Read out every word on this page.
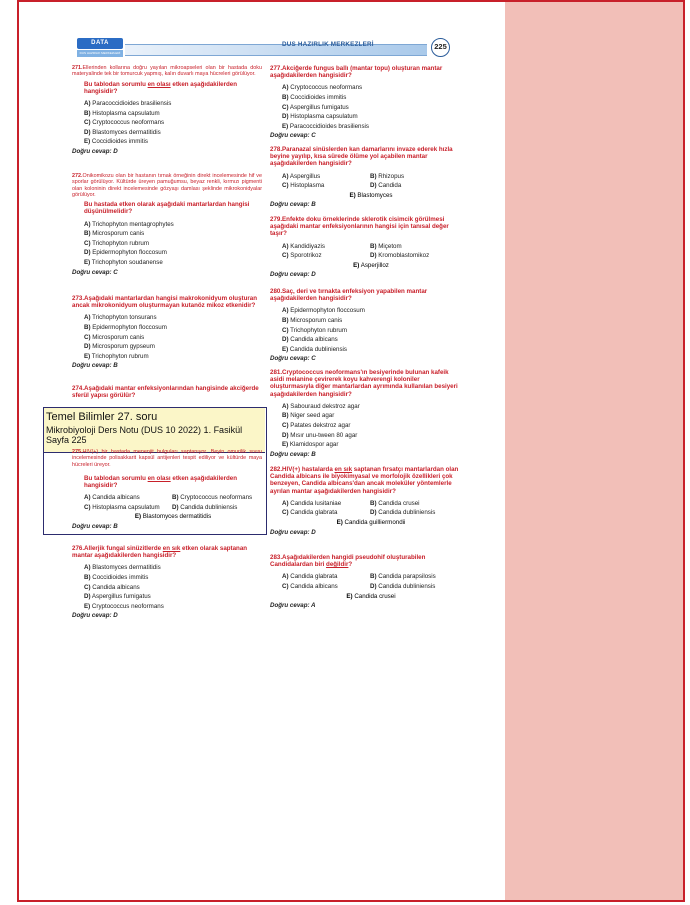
DATA
DUS HAZIRLIK MERKEZLERİ
DUS HAZIRLIK MERKEZLERİ	225
271.Ellerinden kollarına doğru yayılan mikroapseleri olan bir hastada doku materyalinde tek bir tomurcuk yapmış, kalın duvarlı maya hücreleri görülüyor.
Bu tablodan sorumlu en olası etken aşağıdakilerden hangisidir?
A) Paracoccidioides brasiliensis
B) Histoplasma capsulatum
C) Cryptococcus neoformans
D) Blastomyces dermatitidis
E) Coccidioides immitis
Doğru cevap: D
272.Onikomikozu olan bir hastanın tırnak örneğinin direkt incelemesinde hif ve sporlar görülüyor. Kültürde üreyen pamuğumsu, beyaz renkli, kırmızı pigmenti olan koloninin direkt incelemesinde gözyaşı damlası şeklinde mikrokonidyalar görülüyor.
Bu hastada etken olarak aşağıdaki mantarlardan hangisi düşünülmelidir?
A) Trichophyton mentagrophytes
B) Microsporum canis
C) Trichophyton rubrum
D) Epidermophyton floccosum
E) Trichophyton soudanense
Doğru cevap: C
273.Aşağıdaki mantarlardan hangisi makrokonidyum oluşturan ancak mikrokonidyum oluşturmayan kutanöz mikoz etkenidir?
A) Trichophyton tonsurans
B) Epidermophyton floccosum
C) Microsporum canis
D) Microsporum gypseum
E) Trichophyton rubrum
Doğru cevap: B
274.Aşağıdaki mantar enfeksiyonlarından hangisinde akciğerde sferül yapısı görülür?
Temel Bilimler 27. soru
Mikrobiyoloji Ders Notu (DUS 10 2022) 1. Fasikül Sayfa 225
275.HIV(+) bir hastada menenjit bulguları saptanıyor. Beyin omurilik sıvısı incelemesinde polisakkarit kapsül antijenleri tespit ediliyor ve kültürde maya hücreleri üreyor.
Bu tablodan sorumlu en olası etken aşağıdakilerden hangisidir?
A) Candida albicans	B) Cryptococcus neoformans
C) Histoplasma capsulatum	D) Candida dubliniensis
E) Blastomyces dermatitidis
Doğru cevap: B
276.Allerjik fungal sinüzitlerde en sık etken olarak saptanan mantar aşağıdakilerden hangisidir?
A) Blastomyces dermatitidis
B) Coccidioides immitis
C) Candida albicans
D) Aspergillus fumigatus
E) Cryptococcus neoformans
Doğru cevap: D
277.Akciğerde fungus ballı (mantar topu) oluşturan mantar aşağıdakilerden hangisidir?
A) Cryptococcus neoformans
B) Coccidioides immitis
C) Aspergillus fumigatus
D) Histoplasma capsulatum
E) Paracoccidioides brasiliensis
Doğru cevap: C
278.Paranazal sinüslerden kan damarlarını invaze ederek hızla beyine yayılıp, kısa sürede ölüme yol açabilen mantar aşağıdakilerden hangisidir?
A) Aspergillus	B) Rhizopus
C) Histoplasma	D) Candida
E) Blastomyces
Doğru cevap: B
279.Enfekte doku örneklerinde sklerotik cisimcik görülmesi aşağıdaki mantar enfeksiyonlarının hangisi için tanısal değer taşır?
A) Kandidiyazis	B) Miçetom
C) Sporotrikoz	D) Kromoblastomikoz
E) Asperjilloz
Doğru cevap: D
280.Saç, deri ve tırnakta enfeksiyon yapabilen mantar aşağıdakilerden hangisidir?
A) Epidermophyton floccosum
B) Microsporum canis
C) Trichophyton rubrum
D) Candida albicans
E) Candida dubliniensis
Doğru cevap: C
281.Cryptococcus neoformans'ın besiyerinde bulunan kafeik asidi melanine çevirerek koyu kahverengi koloniler oluşturmasıyla diğer mantarlardan ayrımında kullanılan besiyeri aşağıdakilerden hangisidir?
A) Sabouraud dekstroz agar
B) Niger seed agar
C) Patates dekstroz agar
D) Mısır unu-tween 80 agar
E) Klamidospor agar
Doğru cevap: B
282.HIV(+) hastalarda en sık saptanan fırsatçı mantarlardan olan Candida albicans ile biyokimyasal ve morfolojik özellikleri çok benzeyen, Candida albicans'dan ancak moleküler yöntemlerle ayrılan mantar aşağıdakilerden hangisidir?
A) Candida lusitaniae	B) Candida crusei
C) Candida glabrata	D) Candida dubliniensis
E) Candida guilliermondii
Doğru cevap: D
283.Aşağıdakilerden hangidi pseudohif oluşturabilen Candidalardan biri değildir?
A) Candida glabrata	B) Candida parapsilosis
C) Candida albicans	D) Candida dubliniensis
E) Candida crusei
Doğru cevap: A
